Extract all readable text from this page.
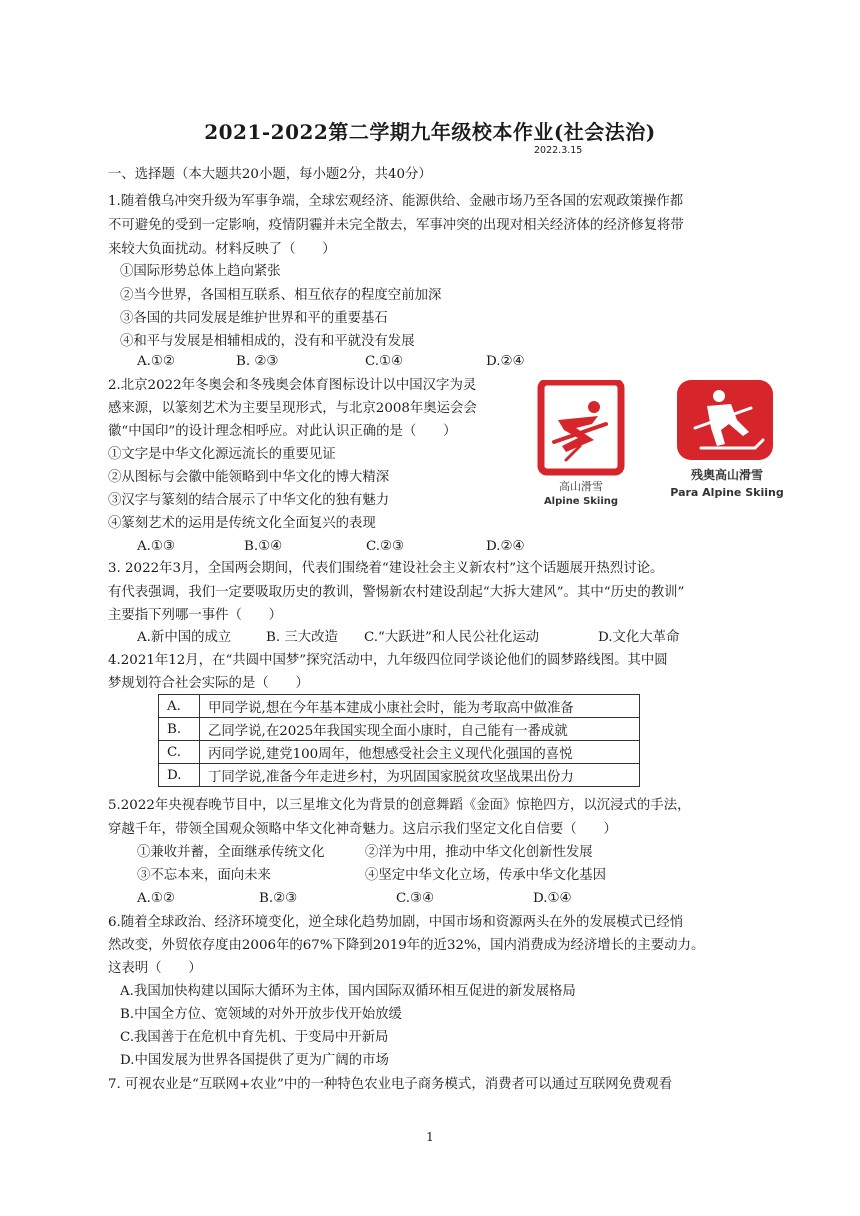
2021-2022第二学期九年级校本作业(社会法治)
2022.3.15
一、选择题（本大题共20小题，每小题2分，共40分）
1.随着俄乌冲突升级为军事争端，全球宏观经济、能源供给、金融市场乃至各国的宏观政策操作都
不可避免的受到一定影响，疫情阴霾并未完全散去，军事冲突的出现对相关经济体的经济修复将带
来较大负面扰动。材料反映了（　　）
①国际形势总体上趋向紧张
②当今世界，各国相互联系、相互依存的程度空前加深
③各国的共同发展是维护世界和平的重要基石
④和平与发展是相辅相成的，没有和平就没有发展
A.①②	B. ②③	C.①④	D.②④
2.北京2022年冬奥会和冬残奥会体育图标设计以中国汉字为灵
感来源，以篆刻艺术为主要呈现形式，与北京2008年奥运会会
徽“中国印”的设计理念相呼应。对此认识正确的是（　　）
①文字是中华文化源远流长的重要见证
②从图标与会徽中能领略到中华文化的博大精深
③汉字与篆刻的结合展示了中华文化的独有魅力
④篆刻艺术的运用是传统文化全面复兴的表现
A.①③	B.①④	C.②③	D.②④
高山滑雪
Alpine Skiing
残奥高山滑雪
Para Alpine Skiing
3. 2022年3月，全国两会期间，代表们围绕着“建设社会主义新农村”这个话题展开热烈讨论。
有代表强调，我们一定要吸取历史的教训，警惕新农村建设刮起“大拆大建风”。其中“历史的教训”
主要指下列哪一事件（　　）
A.新中国的成立	B. 三大改造 C.“大跃进”和人民公社化运动	D.文化大革命
4.2021年12月，在“共圆中国梦”探究活动中，九年级四位同学谈论他们的圆梦路线图。其中圆
梦规划符合社会实际的是（　　）
A.	甲同学说,想在今年基本建成小康社会时，能为考取高中做准备
B.	乙同学说,在2025年我国实现全面小康时，自己能有一番成就
C.	丙同学说,建党100周年，他想感受社会主义现代化强国的喜悦
D.	丁同学说,准备今年走进乡村，为巩固国家脱贫攻坚战果出份力
5.2022年央视春晚节目中，以三星堆文化为背景的创意舞蹈《金面》惊艳四方，以沉浸式的手法，
穿越千年，带领全国观众领略中华文化神奇魅力。这启示我们坚定文化自信要（　　）
①兼收并蓄，全面继承传统文化	②洋为中用，推动中华文化创新性发展
③不忘本来，面向未来	④坚定中华文化立场，传承中华文化基因
A.①②	B.②③	C.③④	D.①④
6.随着全球政治、经济环境变化，逆全球化趋势加剧，中国市场和资源两头在外的发展模式已经悄
然改变，外贸依存度由2006年的67%下降到2019年的近32%，国内消费成为经济增长的主要动力。
这表明（　　）
A.我国加快构建以国际大循环为主体，国内国际双循环相互促进的新发展格局
B.中国全方位、宽领域的对外开放步伐开始放缓
C.我国善于在危机中育先机、于变局中开新局
D.中国发展为世界各国提供了更为广阔的市场
7. 可视农业是“互联网+农业”中的一种特色农业电子商务模式，消费者可以通过互联网免费观看
1
